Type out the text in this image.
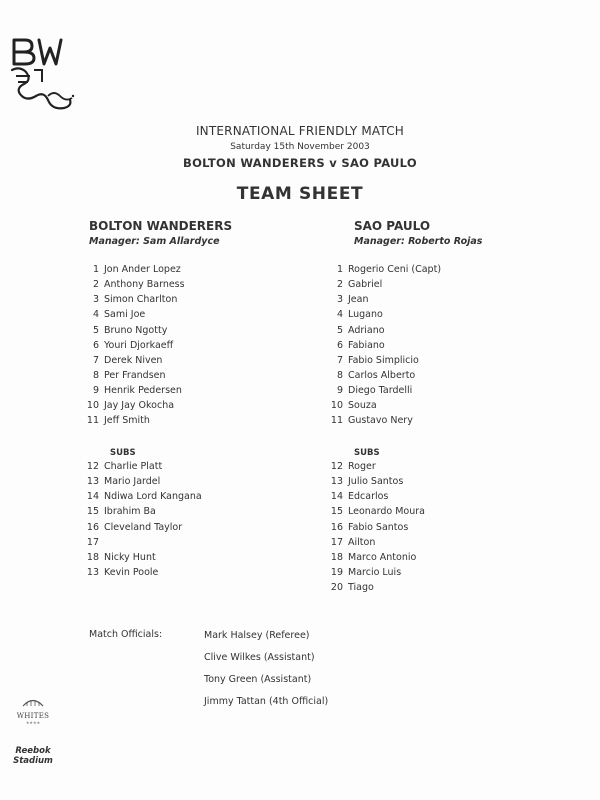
INTERNATIONAL FRIENDLY MATCH
Saturday 15th November 2003
BOLTON WANDERERS v SAO PAULO
TEAM SHEET
BOLTON WANDERERS
Manager: Sam Allardyce
1 Jon Ander Lopez
2 Anthony Barness
3 Simon Charlton
4 Sami Joe
5 Bruno Ngotty
6 Youri Djorkaeff
7 Derek Niven
8 Per Frandsen
9 Henrik Pedersen
10 Jay Jay Okocha
11 Jeff Smith
SUBS
12 Charlie Platt
13 Mario Jardel
14 Ndiwa Lord Kangana
15 Ibrahim Ba
16 Cleveland Taylor
17
18 Nicky Hunt
13 Kevin Poole
SAO PAULO
Manager: Roberto Rojas
1 Rogerio Ceni (Capt)
2 Gabriel
3 Jean
4 Lugano
5 Adriano
6 Fabiano
7 Fabio Simplicio
8 Carlos Alberto
9 Diego Tardelli
10 Souza
11 Gustavo Nery
SUBS
12 Roger
13 Julio Santos
14 Edcarlos
15 Leonardo Moura
16 Fabio Santos
17 Ailton
18 Marco Antonio
19 Marcio Luis
20 Tiago
Match Officials:	Mark Halsey (Referee)
Clive Wilkes (Assistant)
Tony Green (Assistant)
Jimmy Tattan (4th Official)
WHITES
★★★★
Reebok
Stadium
